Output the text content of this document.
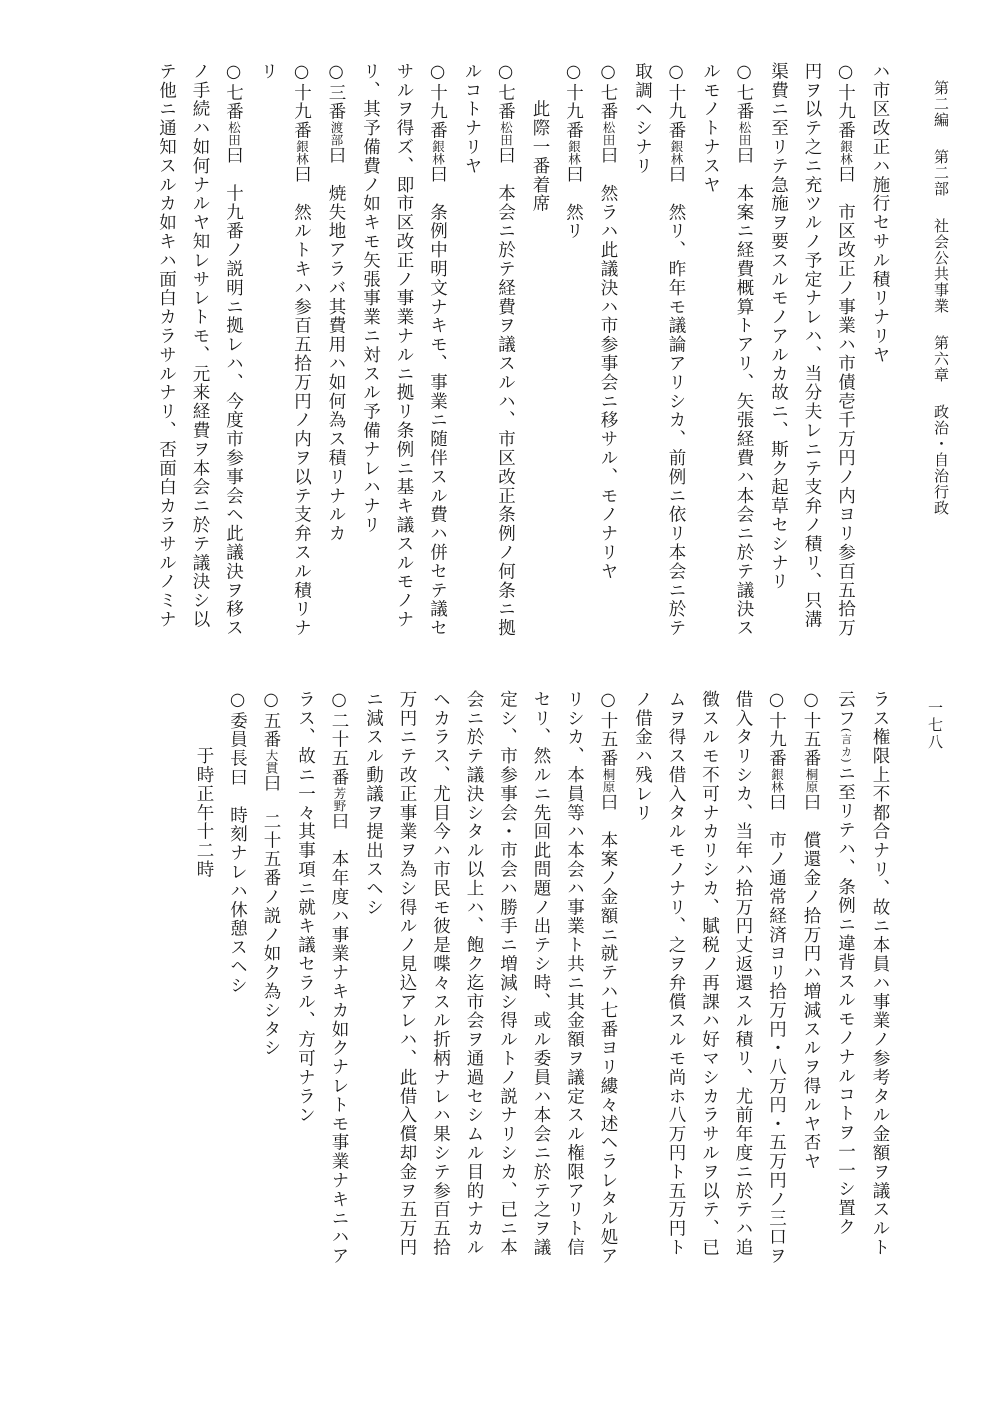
第二編　第二部　社会公共事業　第六章　政治・自治行政
一七八
ハ市区改正ハ施行セサル積リナリヤ
○十九番銀林曰　市区改正ノ事業ハ市債壱千万円ノ内ヨリ参百五拾万
円ヲ以テ之ニ充ツルノ予定ナレハ、当分夫レニテ支弁ノ積リ、只溝
渠費ニ至リテ急施ヲ要スルモノアルカ故ニ、斯ク起草セシナリ
○七番松田曰　本案ニ経費概算トアリ、矢張経費ハ本会ニ於テ議決ス
ルモノトナスヤ
○十九番銀林曰　然リ、昨年モ議論アリシカ、前例ニ依リ本会ニ於テ
取調ヘシナリ
○七番松田曰　然ラハ此議決ハ市参事会ニ移サル、モノナリヤ
○十九番銀林曰　然リ
　　此際一番着席
○七番松田曰　本会ニ於テ経費ヲ議スルハ、市区改正条例ノ何条ニ拠
ルコトナリヤ
○十九番銀林曰　条例中明文ナキモ、事業ニ随伴スル費ハ併セテ議セ
サルヲ得ズ、即市区改正ノ事業ナルニ拠リ条例ニ基キ議スルモノナ
リ、其予備費ノ如キモ矢張事業ニ対スル予備ナレハナリ
○三番渡部曰　焼失地アラバ其費用ハ如何為ス積リナルカ
○十九番銀林曰　然ルトキハ参百五拾万円ノ内ヲ以テ支弁スル積リナ
リ
○七番松田曰　十九番ノ説明ニ拠レハ、今度市参事会ヘ此議決ヲ移ス
ノ手続ハ如何ナルヤ知レサレトモ、元来経費ヲ本会ニ於テ議決シ以
テ他ニ通知スルカ如キハ面白カラサルナリ、否面白カラサルノミナ
ラス権限上不都合ナリ、故ニ本員ハ事業ノ参考タル金額ヲ議スルト
云フ(言カ)ニ至リテハ、条例ニ違背スルモノナルコトヲ一一シ置ク
○十五番桐原曰　償還金ノ拾万円ハ増減スルヲ得ルヤ否ヤ
○十九番銀林曰　市ノ通常経済ヨリ拾万円・八万円・五万円ノ三口ヲ
借入タリシカ、当年ハ拾万円丈返還スル積リ、尤前年度ニ於テハ追
徴スルモ不可ナカリシカ、賦税ノ再課ハ好マシカラサルヲ以テ、已
ムヲ得ス借入タルモノナリ、之ヲ弁償スルモ尚ホ八万円ト五万円ト
ノ借金ハ残レリ
○十五番桐原曰　本案ノ金額ニ就テハ七番ヨリ縷々述ヘラレタル処ア
リシカ、本員等ハ本会ハ事業ト共ニ其金額ヲ議定スル権限アリト信
セリ、然ルニ先回此問題ノ出テシ時、或ル委員ハ本会ニ於テ之ヲ議
定シ、市参事会・市会ハ勝手ニ増減シ得ルトノ説ナリシカ、已ニ本
会ニ於テ議決シタル以上ハ、飽ク迄市会ヲ通過セシムル目的ナカル
ヘカラス、尤目今ハ市民モ彼是喋々スル折柄ナレハ果シテ参百五拾
万円ニテ改正事業ヲ為シ得ルノ見込アレハ、此借入償却金ヲ五万円
ニ減スル動議ヲ提出スヘシ
○二十五番芳野曰　本年度ハ事業ナキカ如クナレトモ事業ナキニハア
ラス、故ニ一々其事項ニ就キ議セラル、方可ナラン
○五番大貫曰　二十五番ノ説ノ如ク為シタシ
○委員長曰　時刻ナレハ休憩スヘシ
　　　于時正午十二時
